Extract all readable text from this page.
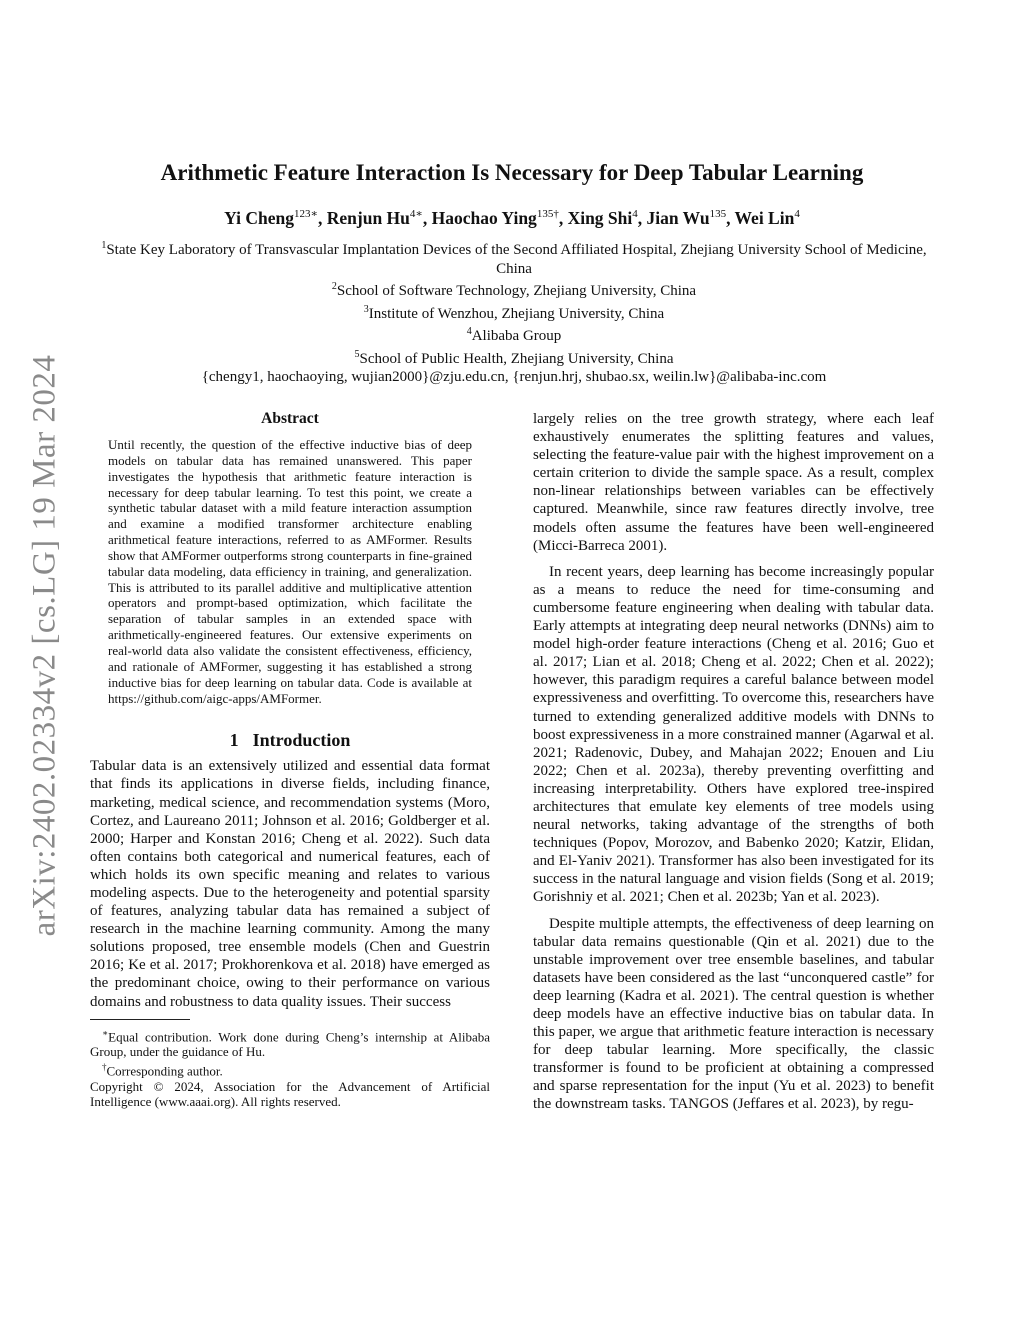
arXiv:2402.02334v2 [cs.LG] 19 Mar 2024
Arithmetic Feature Interaction Is Necessary for Deep Tabular Learning
Yi Cheng$^{123∗}$, Renjun $Hu^{4∗}$, Haochao Ying$^{135\dagger}$, Xing Shi$^4$, Jian Wu$^{135}$, Wei Lin$^4$
$^1$State Key Laboratory of Transvascular Implantation Devices of the Second Affiliated Hospital, Zhejiang University School of Medicine, China
$^2$School of Software Technology, Zhejiang University, China
$^3$Institute of Wenzhou, Zhejiang University, China
$^4$Alibaba Group
$^5$School of Public Health, Zhejiang University, China
{chengy1, haochaoying, wujian2000}@zju.edu.cn, {renjun.hrj, shubao.sx, weilin.lw}@alibaba-inc.com
Abstract

Until recently, the question of the effective inductive bias of deep models on tabular data has remained unanswered. This paper investigates the hypothesis that arithmetic feature interaction is necessary for deep tabular learning. To test this point, we create a synthetic tabular dataset with a mild feature interaction assumption and examine a modified transformer architecture enabling arithmetical feature interactions, referred to as AMFormer. Results show that AMFormer outperforms strong counterparts in fine-grained tabular data modeling, data efficiency in training, and generalization. This is attributed to its parallel additive and multiplicative attention operators and prompt-based optimization, which facilitate the separation of tabular samples in an extended space with arithmetically-engineered features. Our extensive experiments on real-world data also validate the consistent effectiveness, efficiency, and rationale of AMFormer, suggesting it has established a strong inductive bias for deep learning on tabular data. Code is available at https://github.com/aigc-apps/AMFormer.

1 Introduction

Tabular data is an extensively utilized and essential data format that finds its applications in diverse fields, including finance, marketing, medical science, and recommendation systems (Moro, Cortez, and Laureano 2011; Johnson et al. 2016; Goldberger et al. 2000; Harper and Konstan 2016; Cheng et al. 2022). Such data often contains both categorical and numerical features, each of which holds its own specific meaning and relates to various modeling aspects. Due to the heterogeneity and potential sparsity of features, analyzing tabular data has remained a subject of research in the machine learning community. Among the many solutions proposed, tree ensemble models (Chen and Guestrin 2016; Ke et al. 2017; Prokhorenkova et al. 2018) have emerged as the predominant choice, owing to their performance on various domains and robustness to data quality issues. Their success

∗Equal contribution. Work done during Cheng’s internship at Alibaba Group, under the guidance of Hu.

†Corresponding author.

Copyright © 2024, Association for the Advancement of Artificial Intelligence (www.aaai.org). All rights reserved.

largely relies on the tree growth strategy, where each leaf exhaustively enumerates the splitting features and values, selecting the feature-value pair with the highest improvement on a certain criterion to divide the sample space. As a result, complex non-linear relationships between variables can be effectively captured. Meanwhile, since raw features directly involve, tree models often assume the features have been well-engineered (Micci-Barreca 2001).

In recent years, deep learning has become increasingly popular as a means to reduce the need for time-consuming and cumbersome feature engineering when dealing with tabular data. Early attempts at integrating deep neural networks (DNNs) aim to model high-order feature interactions (Cheng et al. 2016; Guo et al. 2017; Lian et al. 2018; Cheng et al. 2022; Chen et al. 2022); however, this paradigm requires a careful balance between model expressiveness and overfitting. To overcome this, researchers have turned to extending generalized additive models with DNNs to boost expressiveness in a more constrained manner (Agarwal et al. 2021; Radenovic, Dubey, and Mahajan 2022; Enouen and Liu 2022; Chen et al. 2023a), thereby preventing overfitting and increasing interpretability. Others have explored tree-inspired architectures that emulate key elements of tree models using neural networks, taking advantage of the strengths of both techniques (Popov, Morozov, and Babenko 2020; Katzir, Elidan, and El-Yaniv 2021). Transformer has also been investigated for its success in the natural language and vision fields (Song et al. 2019; Gorishniy et al. 2021; Chen et al. 2023b; Yan et al. 2023).

Despite multiple attempts, the effectiveness of deep learning on tabular data remains questionable (Qin et al. 2021) due to the unstable improvement over tree ensemble baselines, and tabular datasets have been considered as the last “unconquered castle” for deep learning (Kadra et al. 2021). The central question is whether deep models have an effective inductive bias on tabular data. In this paper, we argue that arithmetic feature interaction is necessary for deep tabular learning. More specifically, the classic transformer is found to be proficient at obtaining a compressed and sparse representation for the input (Yu et al. 2023) to benefit the downstream tasks. TANGOS (Jeffares et al. 2023), by regu-
